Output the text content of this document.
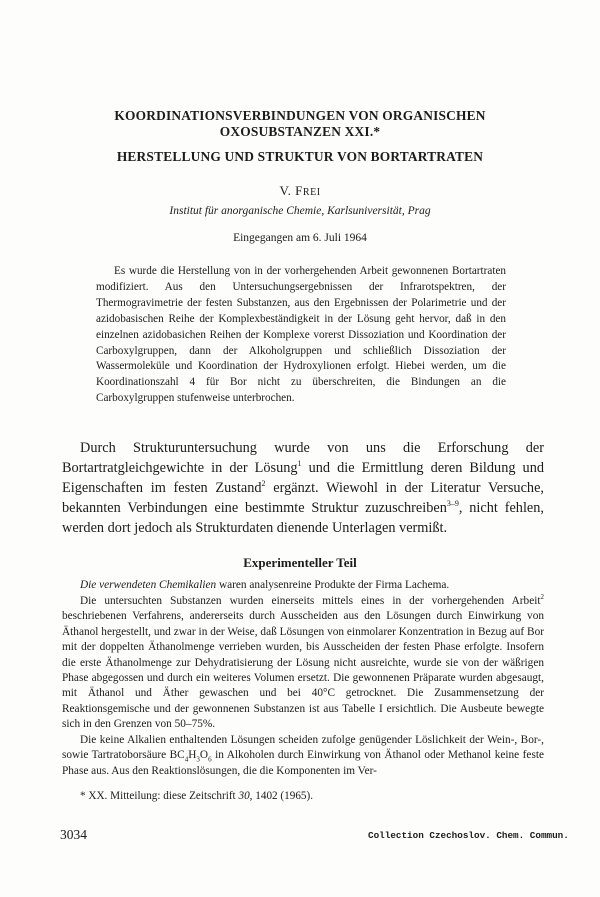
KOORDINATIONSVERBINDUNGEN VON ORGANISCHEN

OXOSUBSTANZEN XXI.*

HERSTELLUNG UND STRUKTUR VON BORTARTRATEN

V. FREI
Institut für anorganische Chemie, Karlsuniversität, Prag
Eingegangen am 6. Juli 1964

Es wurde die Herstellung von in der vorhergehenden Arbeit gewonnenen Bortartraten modifiziert. Aus den Untersuchungsergebnissen der Infrarotspektren, der Thermogravimetrie der festen Substanzen, aus den Ergebnissen der Polarimetrie und der azidobasischen Reihe der Komplexbeständigkeit in der Lösung geht hervor, daß in den einzelnen azidobasichen Reihen der Komplexe vorerst Dissoziation und Koordination der Carboxylgruppen, dann der Alkoholgruppen und schließlich Dissoziation der Wassermoleküle und Koordination der Hydroxylionen erfolgt. Hiebei werden, um die Koordinationszahl 4 für Bor nicht zu überschreiten, die Bindungen an die Carboxylgruppen stufenweise unterbrochen.

Durch Strukturuntersuchung wurde von uns die Erforschung der Bortartratgleichgewichte in der Lösung$^1$ und die Ermittlung deren Bildung und Eigenschaften im festen Zustand$^2$ ergänzt. Wiewohl in der Literatur Versuche, bekannten Verbindungen eine bestimmte Struktur zuzuschreiben$^{3-9}$, nicht fehlen, werden dort jedoch als Strukturdaten dienende Unterlagen vermißt.

Experimenteller Teil

Die verwendeten Chemikalien waren analysenreine Produkte der Firma Lachema.

Die untersuchten Substanzen wurden einerseits mittels eines in der vorhergehenden Arbeit$^2$ beschriebenen Verfahrens, andererseits durch Ausscheiden aus den Lösungen durch Einwirkung von Äthanol hergestellt, und zwar in der Weise, daß Lösungen von einmolarer Konzentration in Bezug auf Bor mit der doppelten Äthanolmenge verrieben wurden, bis Ausscheiden der festen Phase erfolgte. Insofern die erste Äthanolmenge zur Dehydratisierung der Lösung nicht ausreichte, wurde sie von der wäßrigen Phase abgegossen und durch ein weiteres Volumen ersetzt. Die gewonnenen Präparate wurden abgesaugt, mit Äthanol und Äther gewaschen und bei 40°C getrocknet. Die Zusammensetzung der Reaktionsgemische und der gewonnenen Substanzen ist aus Tabelle I ersichtlich. Die Ausbeute bewegte sich in den Grenzen von 50–75%.

Die keine Alkalien enthaltenden Lösungen scheiden zufolge genügender Löslichkeit der Wein-, Bor-, sowie Tartratoborsäure $BC_4H_3O_6$ in Alkoholen durch Einwirkung von Äthanol oder Methanol keine feste Phase aus. Aus den Reaktionslösungen, die die Komponenten im Ver-

* XX. Mitteilung: diese Zeitschrift 30, 1402 (1965).

3034	Collection Czechoslov. Chem. Commun.
